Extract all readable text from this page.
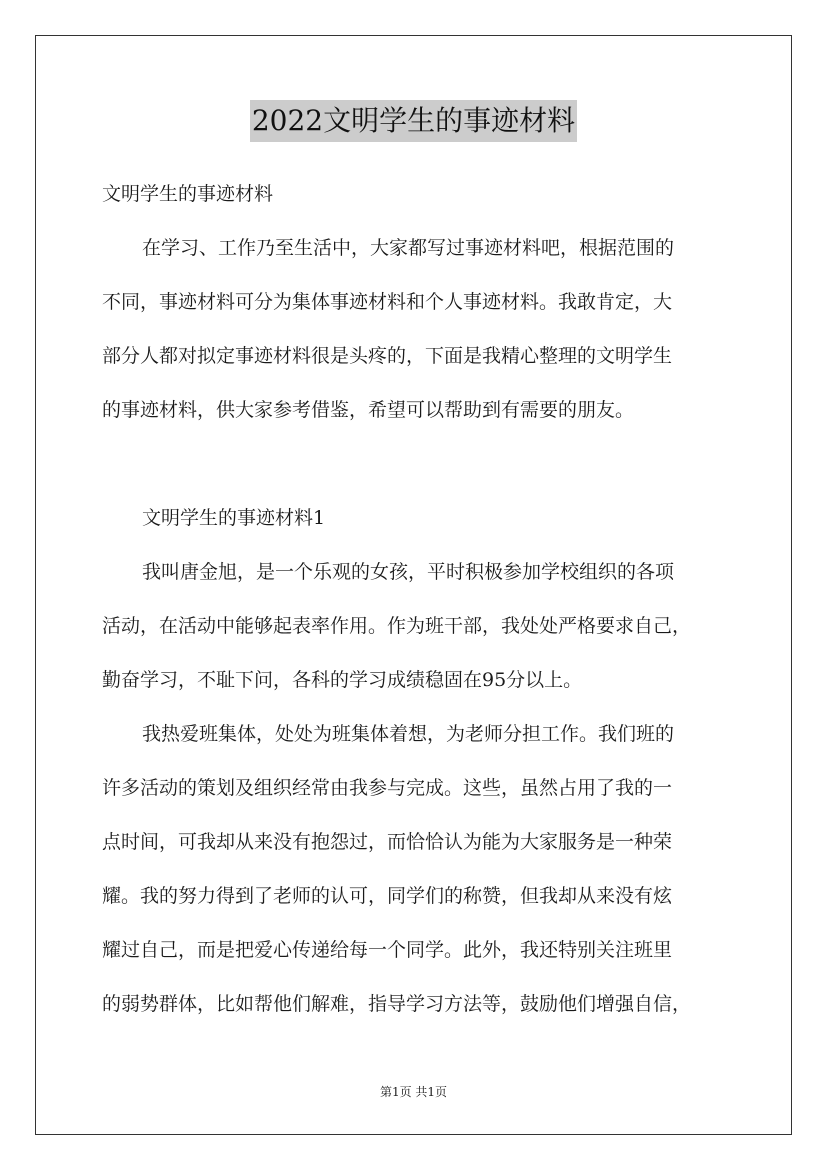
2022文明学生的事迹材料
文明学生的事迹材料
在学习、工作乃至生活中，大家都写过事迹材料吧，根据范围的
不同，事迹材料可分为集体事迹材料和个人事迹材料。我敢肯定，大
部分人都对拟定事迹材料很是头疼的，下面是我精心整理的文明学生
的事迹材料，供大家参考借鉴，希望可以帮助到有需要的朋友。
文明学生的事迹材料1
我叫唐金旭，是一个乐观的女孩，平时积极参加学校组织的各项
活动，在活动中能够起表率作用。作为班干部，我处处严格要求自己，
勤奋学习，不耻下问，各科的学习成绩稳固在95分以上。
我热爱班集体，处处为班集体着想，为老师分担工作。我们班的
许多活动的策划及组织经常由我参与完成。这些，虽然占用了我的一
点时间，可我却从来没有抱怨过，而恰恰认为能为大家服务是一种荣
耀。我的努力得到了老师的认可，同学们的称赞，但我却从来没有炫
耀过自己，而是把爱心传递给每一个同学。此外，我还特别关注班里
的弱势群体，比如帮他们解难，指导学习方法等，鼓励他们增强自信，
第1页 共1页
